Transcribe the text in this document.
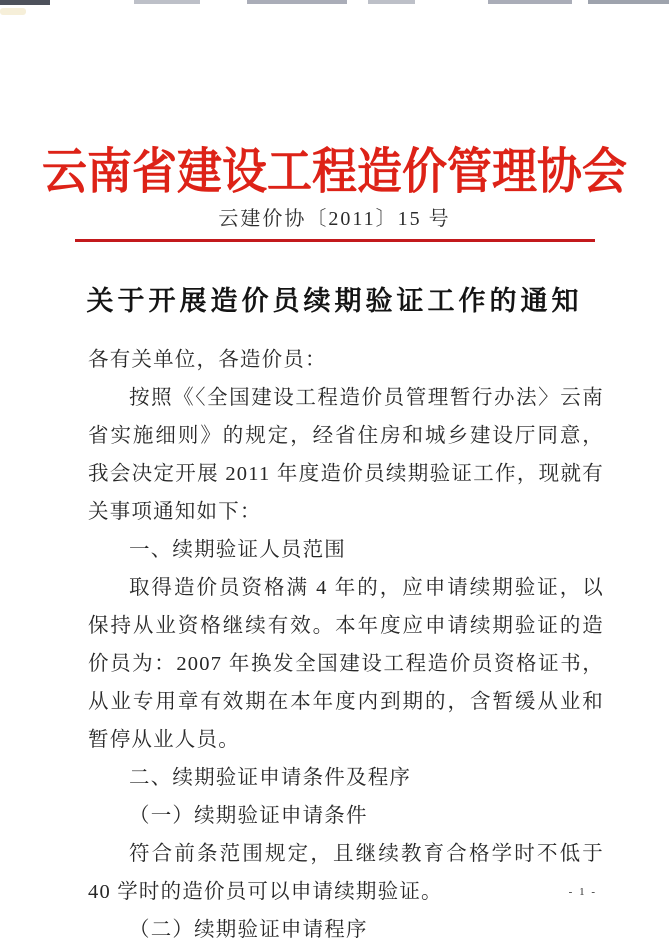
云南省建设工程造价管理协会
云建价协〔2011〕15 号
关于开展造价员续期验证工作的通知

各有关单位，各造价员：

按照《〈全国建设工程造价员管理暂行办法〉云南省实施细则》的规定，经省住房和城乡建设厅同意，我会决定开展 2011 年度造价员续期验证工作，现就有关事项通知如下：

一、续期验证人员范围

取得造价员资格满 4 年的，应申请续期验证，以保持从业资格继续有效。本年度应申请续期验证的造价员为：2007 年换发全国建设工程造价员资格证书，从业专用章有效期在本年度内到期的，含暂缓从业和暂停从业人员。

二、续期验证申请条件及程序

（一）续期验证申请条件

符合前条范围规定，且继续教育合格学时不低于 40 学时的造价员可以申请续期验证。

（二）续期验证申请程序

- 1 -
